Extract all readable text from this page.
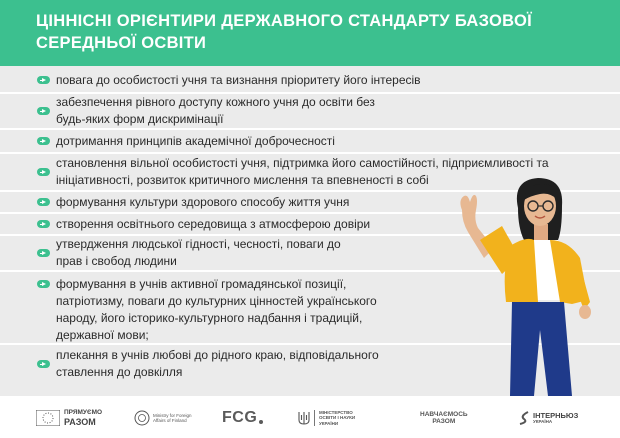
ЦІННІСНІ ОРІЄНТИРИ ДЕРЖАВНОГО СТАНДАРТУ БАЗОВОЇ
СЕРЕДНЬОЇ ОСВІТИ
повага до особистості учня та визнання пріоритету його інтересів
забезпечення рівного доступу кожного учня до освіти без будь-яких форм дискримінації
дотримання принципів академічної доброчесності
становлення вільної особистості учня, підтримка його самостійності, підприємливості та ініціативності, розвиток критичного мислення та впевненості в собі
формування культури здорового способу життя учня
створення освітнього середовища з атмосферою довіри
утвердження людської гідності, чесності, поваги до прав і свобод людини
формування в учнів активної громадянської позиції, патріотизму, поваги до культурних цінностей українського народу, його історико-культурного надбання і традицій, державної мови;
плекання в учнів любові до рідного краю, відповідального ставлення до довкілля
ПРЯМУЄМО
РАЗОМ
Ministry for Foreign
Affairs of Finland	FCG	МІНІСТЕРСТВО
ОСВІТИ І НАУКИ
УКРАЇНИ
НАВЧАЄМОСЬ
РАЗОМ
ІНТЕРНЬЮЗ
УКРАЇНА
